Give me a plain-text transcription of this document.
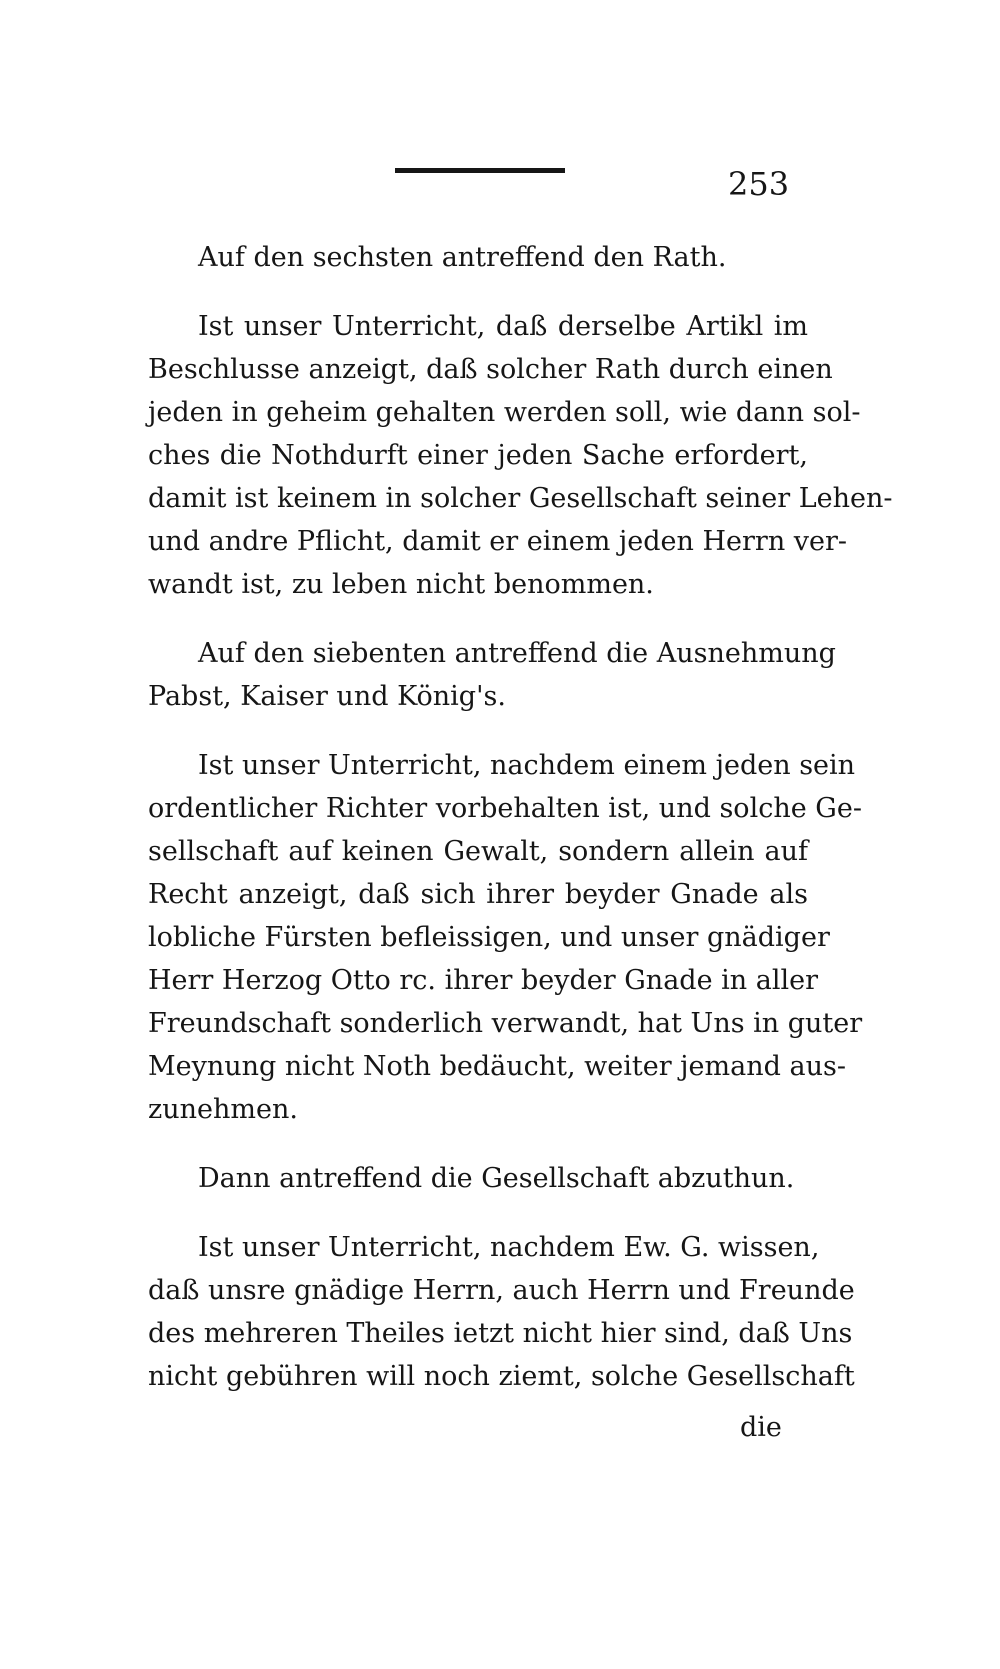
253
Auf den sechsten antreffend den Rath.
Ist unser Unterricht, daß derselbe Artikl im
Beschlusse anzeigt, daß solcher Rath durch einen
jeden in geheim gehalten werden soll, wie dann sol-
ches die Nothdurft einer jeden Sache erfordert,
damit ist keinem in solcher Gesellschaft seiner Lehen-
und andre Pflicht, damit er einem jeden Herrn ver-
wandt ist, zu leben nicht benommen.
Auf den siebenten antreffend die Ausnehmung
Pabst, Kaiser und König's.
Ist unser Unterricht, nachdem einem jeden sein
ordentlicher Richter vorbehalten ist, und solche Ge-
sellschaft auf keinen Gewalt, sondern allein auf
Recht anzeigt, daß sich ihrer beyder Gnade als
lobliche Fürsten befleissigen, und unser gnädiger
Herr Herzog Otto rc. ihrer beyder Gnade in aller
Freundschaft sonderlich verwandt, hat Uns in guter
Meynung nicht Noth bedäucht, weiter jemand aus-
zunehmen.
Dann antreffend die Gesellschaft abzuthun.
Ist unser Unterricht, nachdem Ew. G. wissen,
daß unsre gnädige Herrn, auch Herrn und Freunde
des mehreren Theiles ietzt nicht hier sind, daß Uns
nicht gebühren will noch ziemt, solche Gesellschaft
die
